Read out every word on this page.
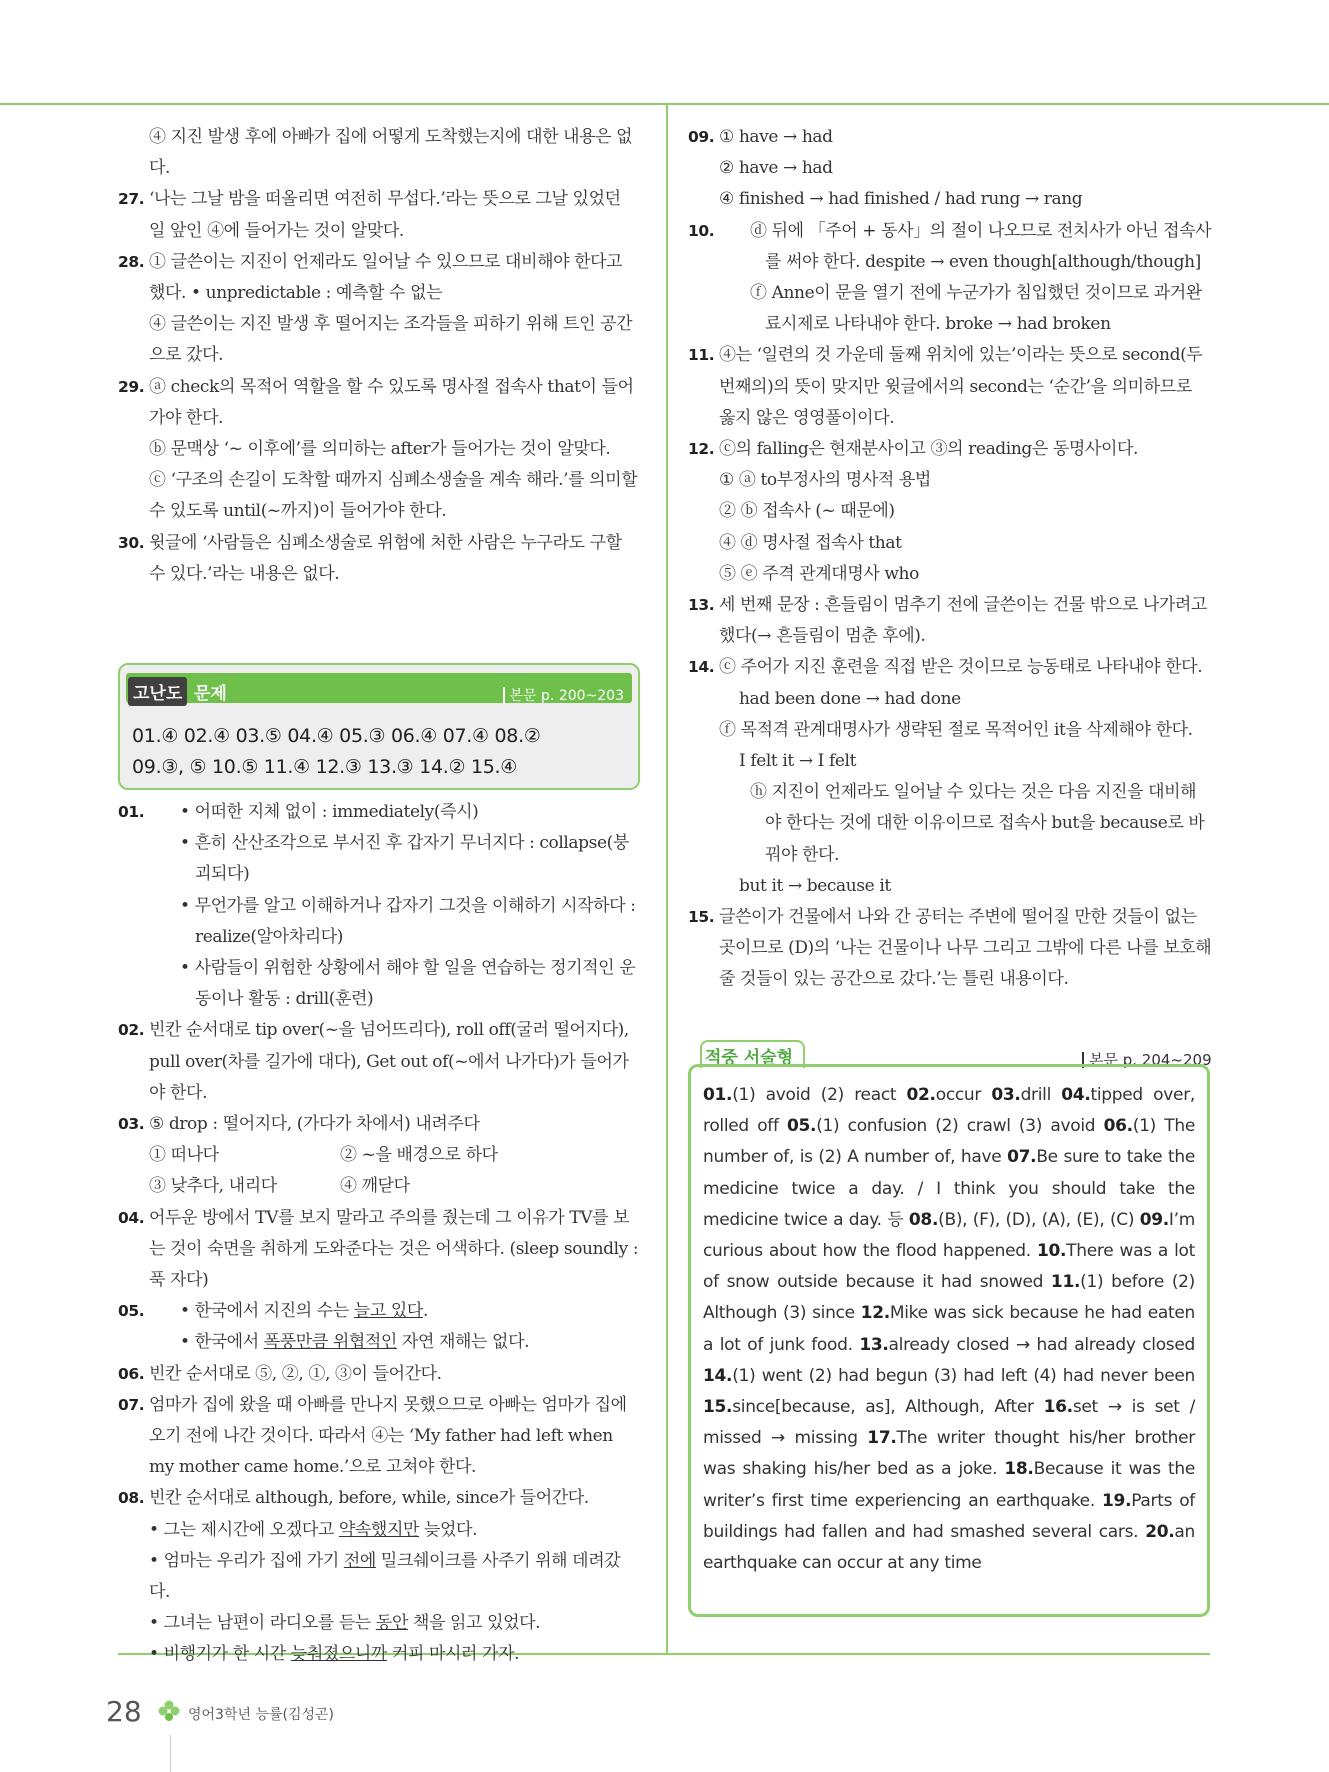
④ 지진 발생 후에 아빠가 집에 어떻게 도착했는지에 대한 내용은 없다.
27. ‘나는 그날 밤을 떠올리면 여전히 무섭다.’라는 뜻으로 그날 있었던 일 앞인 ④에 들어가는 것이 알맞다.
28. ① 글쓴이는 지진이 언제라도 일어날 수 있으므로 대비해야 한다고 했다. • unpredictable : 예측할 수 없는
④ 글쓴이는 지진 발생 후 떨어지는 조각들을 피하기 위해 트인 공간으로 갔다.
29. ⓐ check의 목적어 역할을 할 수 있도록 명사절 접속사 that이 들어가야 한다.
ⓑ 문맥상 ‘~ 이후에’를 의미하는 after가 들어가는 것이 알맞다.
ⓒ ‘구조의 손길이 도착할 때까지 심폐소생술을 계속 해라.’를 의미할 수 있도록 until(~까지)이 들어가야 한다.
30. 윗글에 ‘사람들은 심폐소생술로 위험에 처한 사람은 누구라도 구할 수 있다.’라는 내용은 없다.
고난도 문제	본문 p. 200~203
01.④ 02.④ 03.⑤ 04.④ 05.③ 06.④ 07.④ 08.②
09.③, ⑤ 10.⑤ 11.④ 12.③ 13.③ 14.② 15.④
01.	• 어떠한 지체 없이 : immediately(즉시)
• 흔히 산산조각으로 부서진 후 갑자기 무너지다 : collapse(붕괴되다)
• 무언가를 알고 이해하거나 갑자기 그것을 이해하기 시작하다 : realize(알아차리다)
• 사람들이 위험한 상황에서 해야 할 일을 연습하는 정기적인 운동이나 활동 : drill(훈련)
02. 빈칸 순서대로 tip over(~을 넘어뜨리다), roll off(굴러 떨어지다), pull over(차를 길가에 대다), Get out of(~에서 나가다)가 들어가야 한다.
03. ⑤ drop : 떨어지다, (가다가 차에서) 내려주다
① 떠나다	② ~을 배경으로 하다
③ 낮추다, 내리다	④ 깨닫다
04. 어두운 방에서 TV를 보지 말라고 주의를 줬는데 그 이유가 TV를 보는 것이 숙면을 취하게 도와준다는 것은 어색하다. (sleep soundly : 푹 자다)
05.	• 한국에서 지진의 수는 늘고 있다.
• 한국에서 폭풍만큼 위협적인 자연 재해는 없다.
06. 빈칸 순서대로 ⑤, ②, ①, ③이 들어간다.
07. 엄마가 집에 왔을 때 아빠를 만나지 못했으므로 아빠는 엄마가 집에 오기 전에 나간 것이다. 따라서 ④는 ‘My father had left when my mother came home.’으로 고쳐야 한다.
08. 빈칸 순서대로 although, before, while, since가 들어간다.
• 그는 제시간에 오겠다고 약속했지만 늦었다.
• 엄마는 우리가 집에 가기 전에 밀크쉐이크를 사주기 위해 데려갔다.
• 그녀는 남편이 라디오를 듣는 동안 책을 읽고 있었다.
• 비행기가 한 시간 늦춰졌으니까 커피 마시러 가자.
09. ① have → had
② have → had
④ finished → had finished / had rung → rang
10.	ⓓ 뒤에 「주어 + 동사」의 절이 나오므로 전치사가 아닌 접속사를 써야 한다. despite → even though[although/though]
ⓕ Anne이 문을 열기 전에 누군가가 침입했던 것이므로 과거완료시제로 나타내야 한다. broke → had broken
11. ④는 ‘일련의 것 가운데 둘째 위치에 있는’이라는 뜻으로 second(두 번째의)의 뜻이 맞지만 윗글에서의 second는 ‘순간’을 의미하므로 옳지 않은 영영풀이이다.
12. ⓒ의 falling은 현재분사이고 ③의 reading은 동명사이다.
① ⓐ to부정사의 명사적 용법
② ⓑ 접속사 (~ 때문에)
④ ⓓ 명사절 접속사 that
⑤ ⓔ 주격 관계대명사 who
13. 세 번째 문장 : 흔들림이 멈추기 전에 글쓴이는 건물 밖으로 나가려고 했다(→ 흔들림이 멈춘 후에).
14. ⓒ 주어가 지진 훈련을 직접 받은 것이므로 능동태로 나타내야 한다.
had been done → had done
ⓕ 목적격 관계대명사가 생략된 절로 목적어인 it을 삭제해야 한다.
I felt it → I felt
ⓗ 지진이 언제라도 일어날 수 있다는 것은 다음 지진을 대비해야 한다는 것에 대한 이유이므로 접속사 but을 because로 바꿔야 한다.
but it → because it
15. 글쓴이가 건물에서 나와 간 공터는 주변에 떨어질 만한 것들이 없는 곳이므로 (D)의 ‘나는 건물이나 나무 그리고 그밖에 다른 나를 보호해 줄 것들이 있는 공간으로 갔다.’는 틀린 내용이다.
적중 서술형	본문 p. 204~209
01.(1) avoid (2) react 02.occur 03.drill 04.tipped over, rolled off 05.(1) confusion (2) crawl (3) avoid 06.(1) The number of, is (2) A number of, have 07.Be sure to take the medicine twice a day. / I think you should take the medicine twice a day. 등 08.(B), (F), (D), (A), (E), (C) 09.I’m curious about how the flood happened. 10.There was a lot of snow outside because it had snowed 11.(1) before (2) Although (3) since 12.Mike was sick because he had eaten a lot of junk food. 13.already closed → had already closed 14.(1) went (2) had begun (3) had left (4) had never been 15.since[because, as], Although, After 16.set → is set / missed → missing 17.The writer thought his/her brother was shaking his/her bed as a joke. 18.Because it was the writer’s first time experiencing an earthquake. 19.Parts of buildings had fallen and had smashed several cars. 20.an earthquake can occur at any time
28	영어3학년 능률(김성곤)
